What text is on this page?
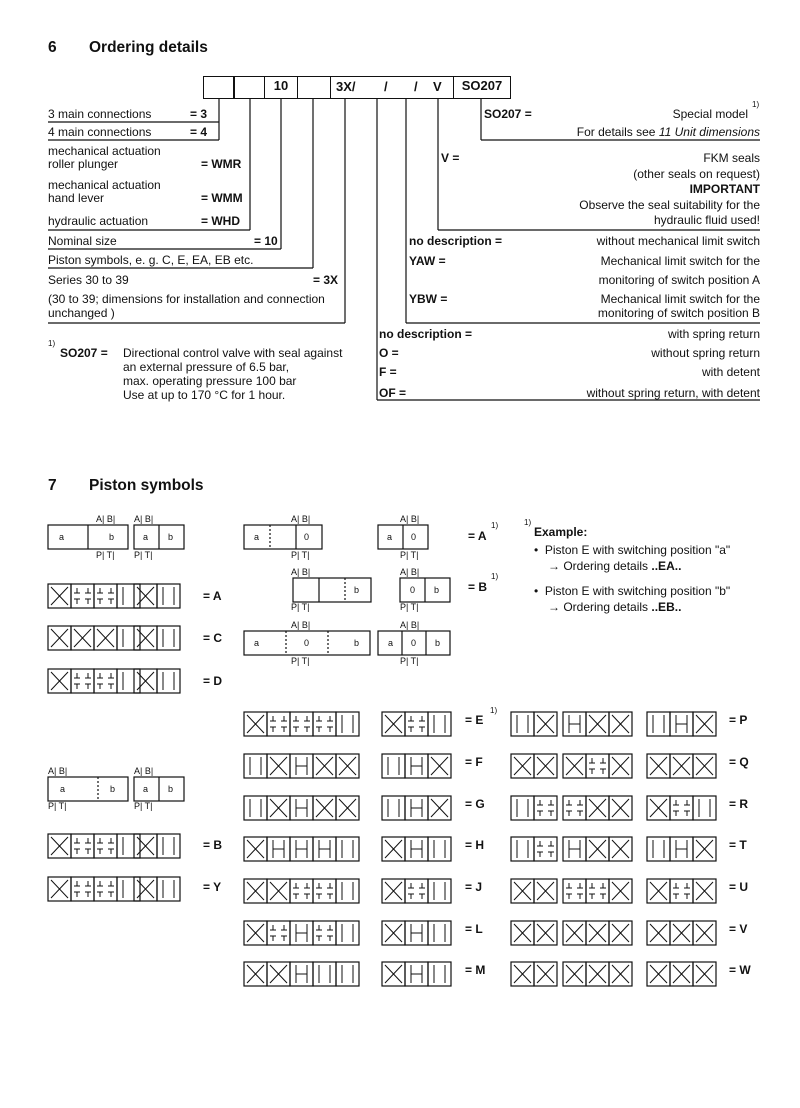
6 Ordering details
10	3X/ / / V	SO207
3 main connections	= 3
4 main connections	= 4
mechanical actuation
roller plunger	= WMR
mechanical actuation
hand lever	= WMM
hydraulic actuation	= WHD
Nominal size	= 10
Piston symbols, e. g. C, E, EA, EB etc.
Series 30 to 39	= 3X
(30 to 39; dimensions for installation and connection
unchanged )
SO207 =	Special model
1)
For details see 11 Unit dimensions
V =	FKM seals
(other seals on request)
IMPORTANT
Observe the seal suitability for the
hydraulic fluid used!
no description =	without mechanical limit switch
YAW =	Mechanical limit switch for the
monitoring of switch position A
YBW =	Mechanical limit switch for the
monitoring of switch position B
no description =	with spring return
O =	without spring return
F =	with detent
OF =	without spring return, with detent
1)
SO207 = Directional control valve with seal against
an external pressure of 6.5 bar,
max. operating pressure 100 bar
Use at up to 170 °C for 1 hour.
7 Piston symbols
1)
Example:
•  Piston E with switching position "a"
→ Ordering details ..EA..
•  Piston E with switching position "b"
→ Ordering details ..EB..
A| B|
P| T|
A| B|
P| T|
A| B|
P| T|
A| B|
P| T|
A| B|
P| T|
A| B|
P| T|
A| B|
P| T|
A| B|
P| T|
A| B|
P| T|
A| B|
P| T|
a	b	a b	a	0	a 0
b	0 b
a	0	b	a 0 b
a	b	a b
= A
= C
= D
= A
1)
= B
1)
= E
1)
= F
= G
= H
= J
= L
= M
= P
= Q
= R
= T
= U
= V
= W
= B
= Y
